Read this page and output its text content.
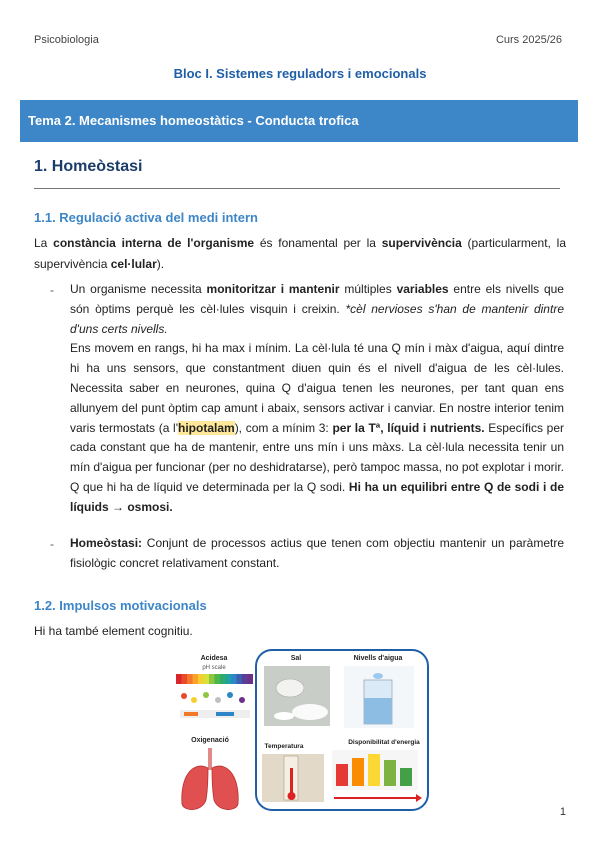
Psicobiologia	Curs 2025/26
Bloc I. Sistemes reguladors i emocionals
Tema 2. Mecanismes homeostàtics - Conducta trofica
1. Homeòstasi
1.1. Regulació activa del medi intern
La constància interna de l'organisme és fonamental per la supervivència (particularment, la supervivència cel·lular).
- Un organisme necessita monitoritzar i mantenir múltiples variables entre els nivells que són òptims perquè les cèl·lules visquin i creixin. *cèl nervioses s'han de mantenir dintre d'uns certs nivells.
Ens movem en rangs, hi ha max i mínim. La cèl·lula té una Q mín i màx d'aigua, aquí dintre hi ha uns sensors, que constantment diuen quin és el nivell d'aigua de les cèl·lules. Necessita saber en neurones, quina Q d'aigua tenen les neurones, per tant quan ens allunyem del punt òptim cap amunt i abaix, sensors activar i canviar. En nostre interior tenim varis termostats (a l'hipotalam), com a mínim 3: per la Tª, líquid i nutrients. Específics per cada constant que ha de mantenir, entre uns mín i uns màxs. La cèl·lula necessita tenir un mín d'aigua per funcionar (per no deshidratarse), però tampoc massa, no pot explotar i morir. Q que hi ha de líquid ve determinada per la Q sodi. Hi ha un equilibri entre Q de sodi i de líquids → osmosi.
- Homeòstasi: Conjunt de processos actius que tenen com objectiu mantenir un paràmetre fisiològic concret relativament constant.
1.2. Impulsos motivacionals
Hi ha també element cognitiu.
Acidesa
pH scale
Sal	Nivells d'aigua
Oxigenació
Temperatura
Disponibilitat d'energia
1
